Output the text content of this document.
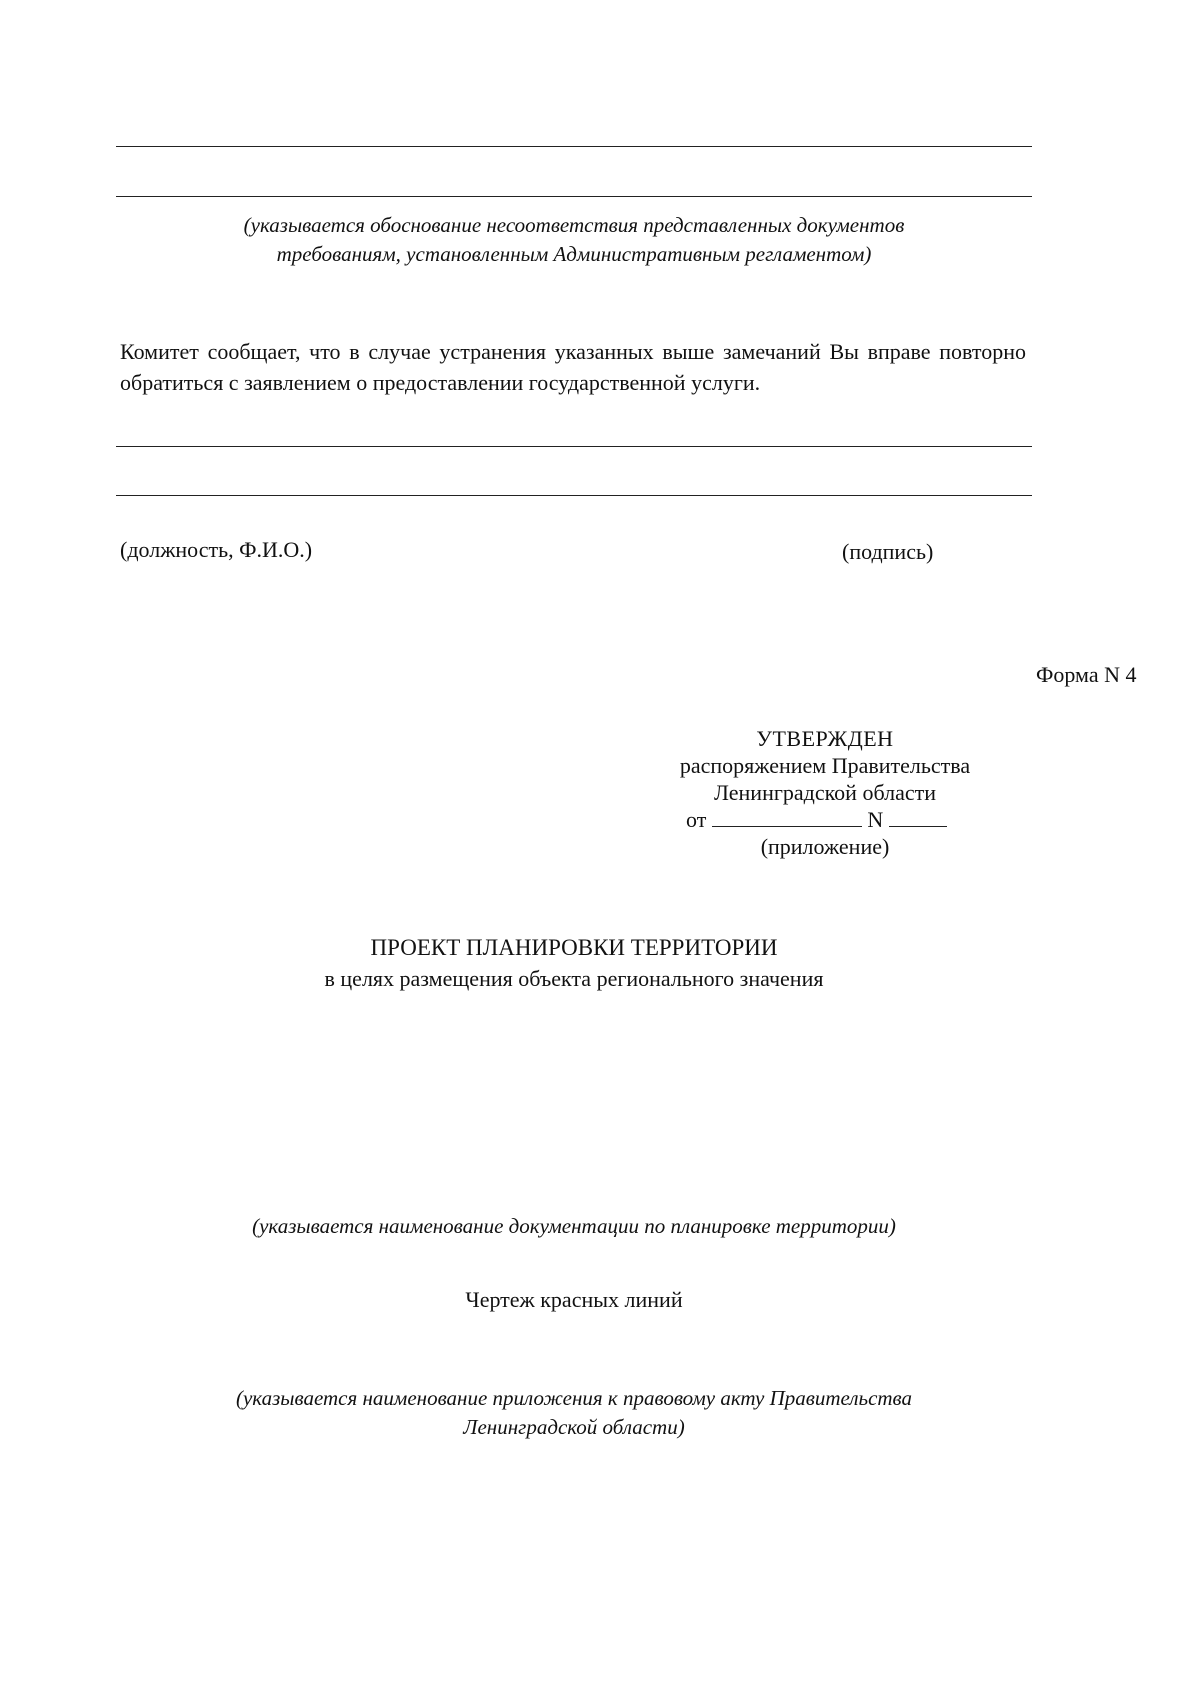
(указывается обоснование несоответствия представленных документов

требованиям, установленным Административным регламентом)

Комитет сообщает, что в случае устранения указанных выше замечаний Вы вправе повторно обратиться с заявлением о предоставлении государственной услуги.

(должность, Ф.И.О.)	(подпись)

Форма N 4

УТВЕРЖДЕН

распоряжением Правительства

Ленинградской области

от	N

(приложение)

ПРОЕКТ ПЛАНИРОВКИ ТЕРРИТОРИИ

в целях размещения объекта регионального значения

(указывается наименование документации по планировке территории)

Чертеж красных линий

(указывается наименование приложения к правовому акту Правительства

Ленинградской области)
